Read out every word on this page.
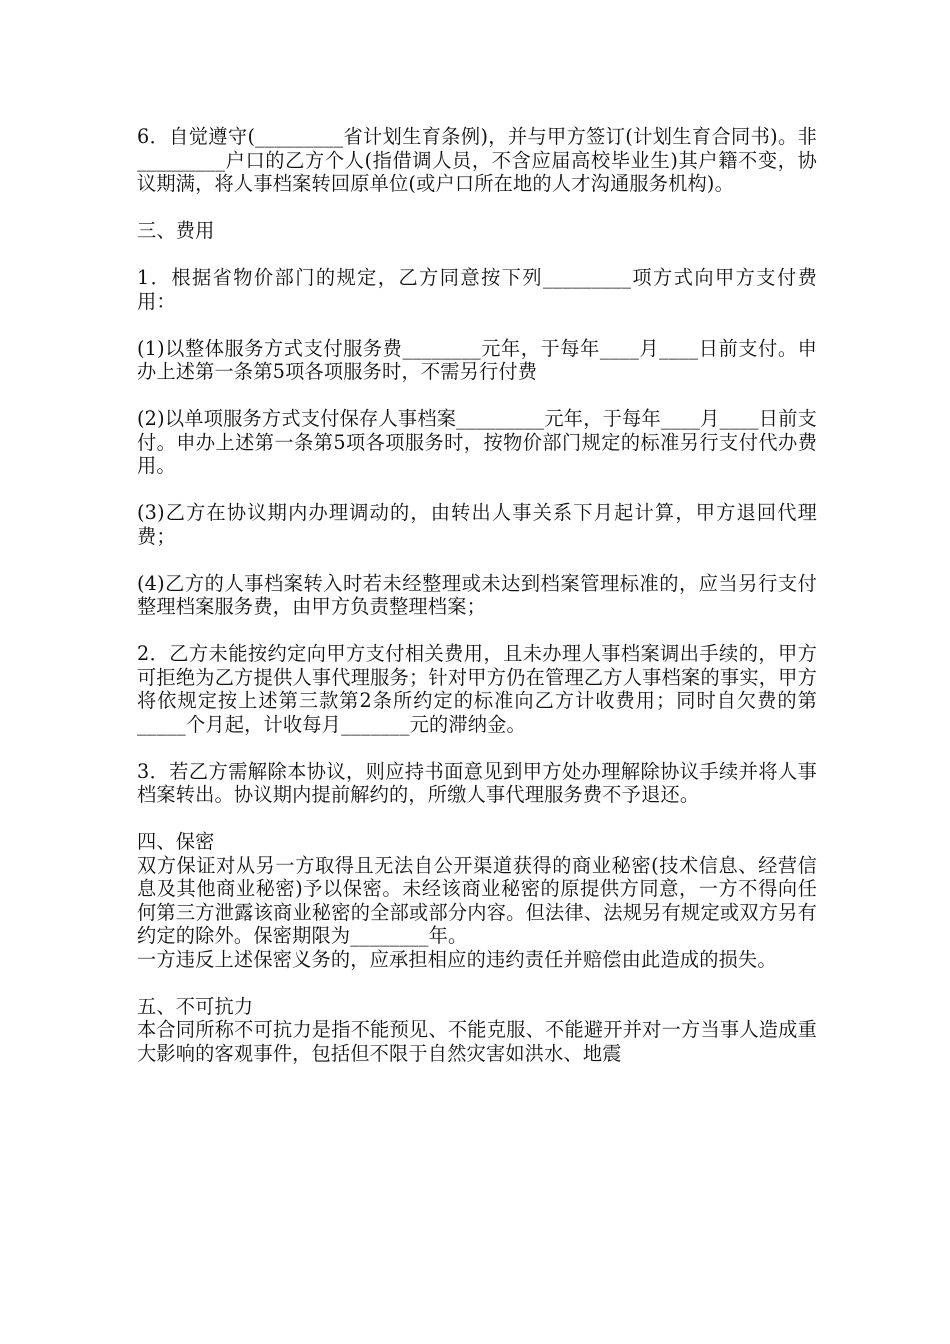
6．自觉遵守(_________省计划生育条例)，并与甲方签订(计划生育合同书)。非_________户口的乙方个人(指借调人员，不含应届高校毕业生)其户籍不变，协议期满，将人事档案转回原单位(或户口所在地的人才沟通服务机构)。

三、费用

1．根据省物价部门的规定，乙方同意按下列_________项方式向甲方支付费用：

(1)以整体服务方式支付服务费________元年，于每年____月____日前支付。申办上述第一条第5项各项服务时，不需另行付费

(2)以单项服务方式支付保存人事档案_________元年，于每年____月____日前支付。申办上述第一条第5项各项服务时，按物价部门规定的标准另行支付代办费用。

(3)乙方在协议期内办理调动的，由转出人事关系下月起计算，甲方退回代理费；

(4)乙方的人事档案转入时若未经整理或未达到档案管理标准的，应当另行支付整理档案服务费，由甲方负责整理档案；

2．乙方未能按约定向甲方支付相关费用，且未办理人事档案调出手续的，甲方可拒绝为乙方提供人事代理服务；针对甲方仍在管理乙方人事档案的事实，甲方将依规定按上述第三款第2条所约定的标准向乙方计收费用；同时自欠费的第_____个月起，计收每月_______元的滞纳金。

3．若乙方需解除本协议，则应持书面意见到甲方处办理解除协议手续并将人事档案转出。协议期内提前解约的，所缴人事代理服务费不予退还。

四、保密

双方保证对从另一方取得且无法自公开渠道获得的商业秘密(技术信息、经营信息及其他商业秘密)予以保密。未经该商业秘密的原提供方同意，一方不得向任何第三方泄露该商业秘密的全部或部分内容。但法律、法规另有规定或双方另有约定的除外。保密期限为________年。

一方违反上述保密义务的，应承担相应的违约责任并赔偿由此造成的损失。

五、不可抗力

本合同所称不可抗力是指不能预见、不能克服、不能避开并对一方当事人造成重大影响的客观事件，包括但不限于自然灾害如洪水、地震
